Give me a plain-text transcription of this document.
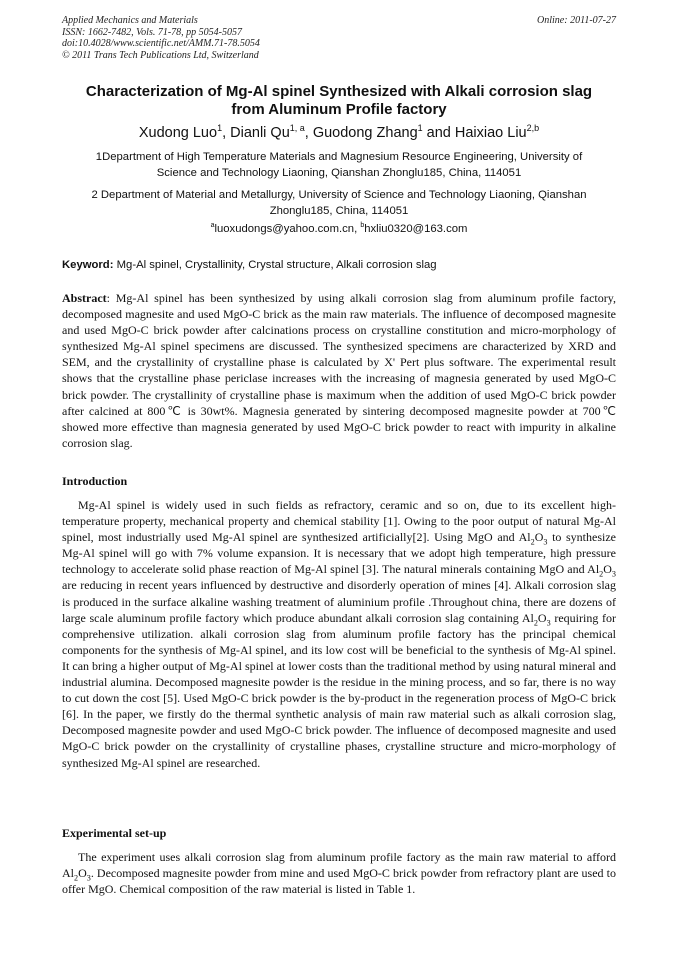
Applied Mechanics and Materials
ISSN: 1662-7482, Vols. 71-78, pp 5054-5057
doi:10.4028/www.scientific.net/AMM.71-78.5054
© 2011 Trans Tech Publications Ltd, Switzerland
Online: 2011-07-27
Characterization of Mg-Al spinel Synthesized with Alkali corrosion slag
from Aluminum Profile factory
Xudong Luo$^1$, Dianli Qu$^{1, a}$, Guodong Zhang$^1$ and Haixiao Liu$^{2,b}$
1Department of High Temperature Materials and Magnesium Resource Engineering, University of
Science and Technology Liaoning, Qianshan Zhonglu185, China, 114051
2 Department of Material and Metallurgy, University of Science and Technology Liaoning, Qianshan
Zhonglu185, China, 114051
$^a$luoxudongs@yahoo.com.cn, $^b$hxliu0320@163.com
Keyword: Mg-Al spinel, Crystallinity, Crystal structure, Alkali corrosion slag
Abstract: Mg-Al spinel has been synthesized by using alkali corrosion slag from aluminum profile factory, decomposed magnesite and used MgO-C brick as the main raw materials. The influence of decomposed magnesite and used MgO-C brick powder after calcinations process on crystalline constitution and micro-morphology of synthesized Mg-Al spinel specimens are discussed. The synthesized specimens are characterized by XRD and SEM, and the crystallinity of crystalline phase is calculated by X' Pert plus software. The experimental result shows that the crystalline phase periclase increases with the increasing of magnesia generated by used MgO-C brick powder. The crystallinity of crystalline phase is maximum when the addition of used MgO-C brick powder after calcined at 800℃ is 30wt%. Magnesia generated by sintering decomposed magnesite powder at 700℃ showed more effective than magnesia generated by used MgO-C brick powder to react with impurity in alkaline corrosion slag.
Introduction
Mg-Al spinel is widely used in such fields as refractory, ceramic and so on, due to its excellent high-temperature property, mechanical property and chemical stability [1]. Owing to the poor output of natural Mg-Al spinel, most industrially used Mg-Al spinel are synthesized artificially[2]. Using MgO and $Al_2O_3$ to synthesize Mg-Al spinel will go with 7% volume expansion. It is necessary that we adopt high temperature, high pressure technology to accelerate solid phase reaction of Mg-Al spinel [3]. The natural minerals containing MgO and $Al_2O_3$ are reducing in recent years influenced by destructive and disorderly operation of mines [4]. Alkali corrosion slag is produced in the surface alkaline washing treatment of aluminium profile .Throughout china, there are dozens of large scale aluminum profile factory which produce abundant alkali corrosion slag containing $Al_2O_3$ requiring for comprehensive utilization. alkali corrosion slag from aluminum profile factory has the principal chemical components for the synthesis of Mg-Al spinel, and its low cost will be beneficial to the synthesis of Mg-Al spinel. It can bring a higher output of Mg-Al spinel at lower costs than the traditional method by using natural mineral and industrial alumina. Decomposed magnesite powder is the residue in the mining process, and so far, there is no way to cut down the cost [5]. Used MgO-C brick powder is the by-product in the regeneration process of MgO-C brick [6]. In the paper, we firstly do the thermal synthetic analysis of main raw material such as alkali corrosion slag, Decomposed magnesite powder and used MgO-C brick powder. The influence of decomposed magnesite and used MgO-C brick powder on the crystallinity of crystalline phases, crystalline structure and micro-morphology of synthesized Mg-Al spinel are researched.
Experimental set-up
The experiment uses alkali corrosion slag from aluminum profile factory as the main raw material to afford $Al_2O_3$. Decomposed magnesite powder from mine and used MgO-C brick powder from refractory plant are used to offer MgO. Chemical composition of the raw material is listed in Table 1.
